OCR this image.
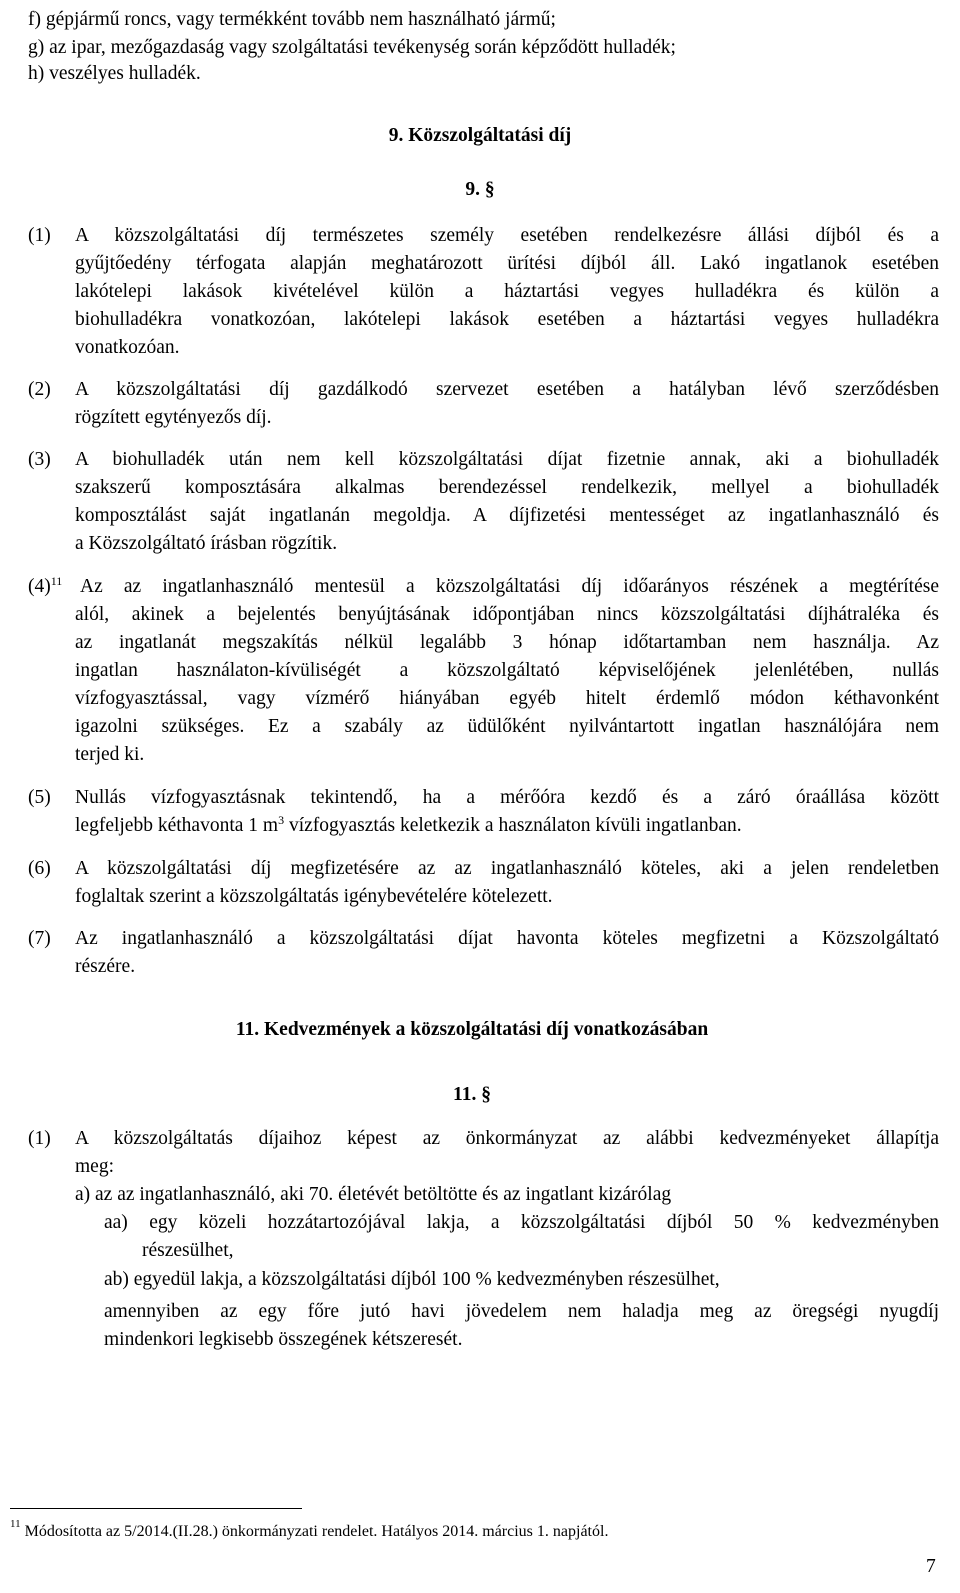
f) gépjármű roncs, vagy termékként tovább nem használható jármű;
g) az ipar, mezőgazdaság vagy szolgáltatási tevékenység során képződött hulladék;
h) veszélyes hulladék.
9. Közszolgáltatási díj
9. §
(1) A közszolgáltatási díj természetes személy esetében rendelkezésre állási díjból és a
gyűjtőedény térfogata alapján meghatározott ürítési díjból áll. Lakó ingatlanok esetében
lakótelepi lakások kivételével külön a háztartási vegyes hulladékra és külön a
biohulladékra vonatkozóan, lakótelepi lakások esetében a háztartási vegyes hulladékra
vonatkozóan.
(2) A közszolgáltatási díj gazdálkodó szervezet esetében a hatályban lévő szerződésben
rögzített egytényezős díj.
(3) A biohulladék után nem kell közszolgáltatási díjat fizetnie annak, aki a biohulladék
szakszerű komposztására alkalmas berendezéssel rendelkezik, mellyel a biohulladék
komposztálást saját ingatlanán megoldja. A díjfizetési mentességet az ingatlanhasználó és
a Közszolgáltató írásban rögzítik.
$(4)^{11}$ Az az ingatlanhasználó mentesül a közszolgáltatási díj időarányos részének a megtérítése
alól, akinek a bejelentés benyújtásának időpontjában nincs közszolgáltatási díjhátraléka és
az ingatlanát megszakítás nélkül legalább 3 hónap időtartamban nem használja. Az
ingatlan használaton-kívüliségét a közszolgáltató képviselőjének jelenlétében, nullás
vízfogyasztással, vagy vízmérő hiányában egyéb hitelt érdemlő módon kéthavonként
igazolni szükséges. Ez a szabály az üdülőként nyilvántartott ingatlan használójára nem
terjed ki.
(5) Nullás vízfogyasztásnak tekintendő, ha a mérőóra kezdő és a záró óraállása között
legfeljebb kéthavonta 1 $m^3$ vízfogyasztás keletkezik a használaton kívüli ingatlanban.
(6) A közszolgáltatási díj megfizetésére az az ingatlanhasználó köteles, aki a jelen rendeletben
foglaltak szerint a közszolgáltatás igénybevételére kötelezett.
(7) Az ingatlanhasználó a közszolgáltatási díjat havonta köteles megfizetni a Közszolgáltató
részére.
11. Kedvezmények a közszolgáltatási díj vonatkozásában
11. §
(1) A közszolgáltatás díjaihoz képest az önkormányzat az alábbi kedvezményeket állapítja
meg:
a) az az ingatlanhasználó, aki 70. életévét betöltötte és az ingatlant kizárólag
aa) egy közeli hozzátartozójával lakja, a közszolgáltatási díjból 50 % kedvezményben
részesülhet,
ab) egyedül lakja, a közszolgáltatási díjból 100 % kedvezményben részesülhet,
amennyiben az egy főre jutó havi jövedelem nem haladja meg az öregségi nyugdíj
mindenkori legkisebb összegének kétszeresét.
$^{11}$ Módosította az 5/2014.(II.28.) önkormányzati rendelet. Hatályos 2014. március 1. napjától.
7
